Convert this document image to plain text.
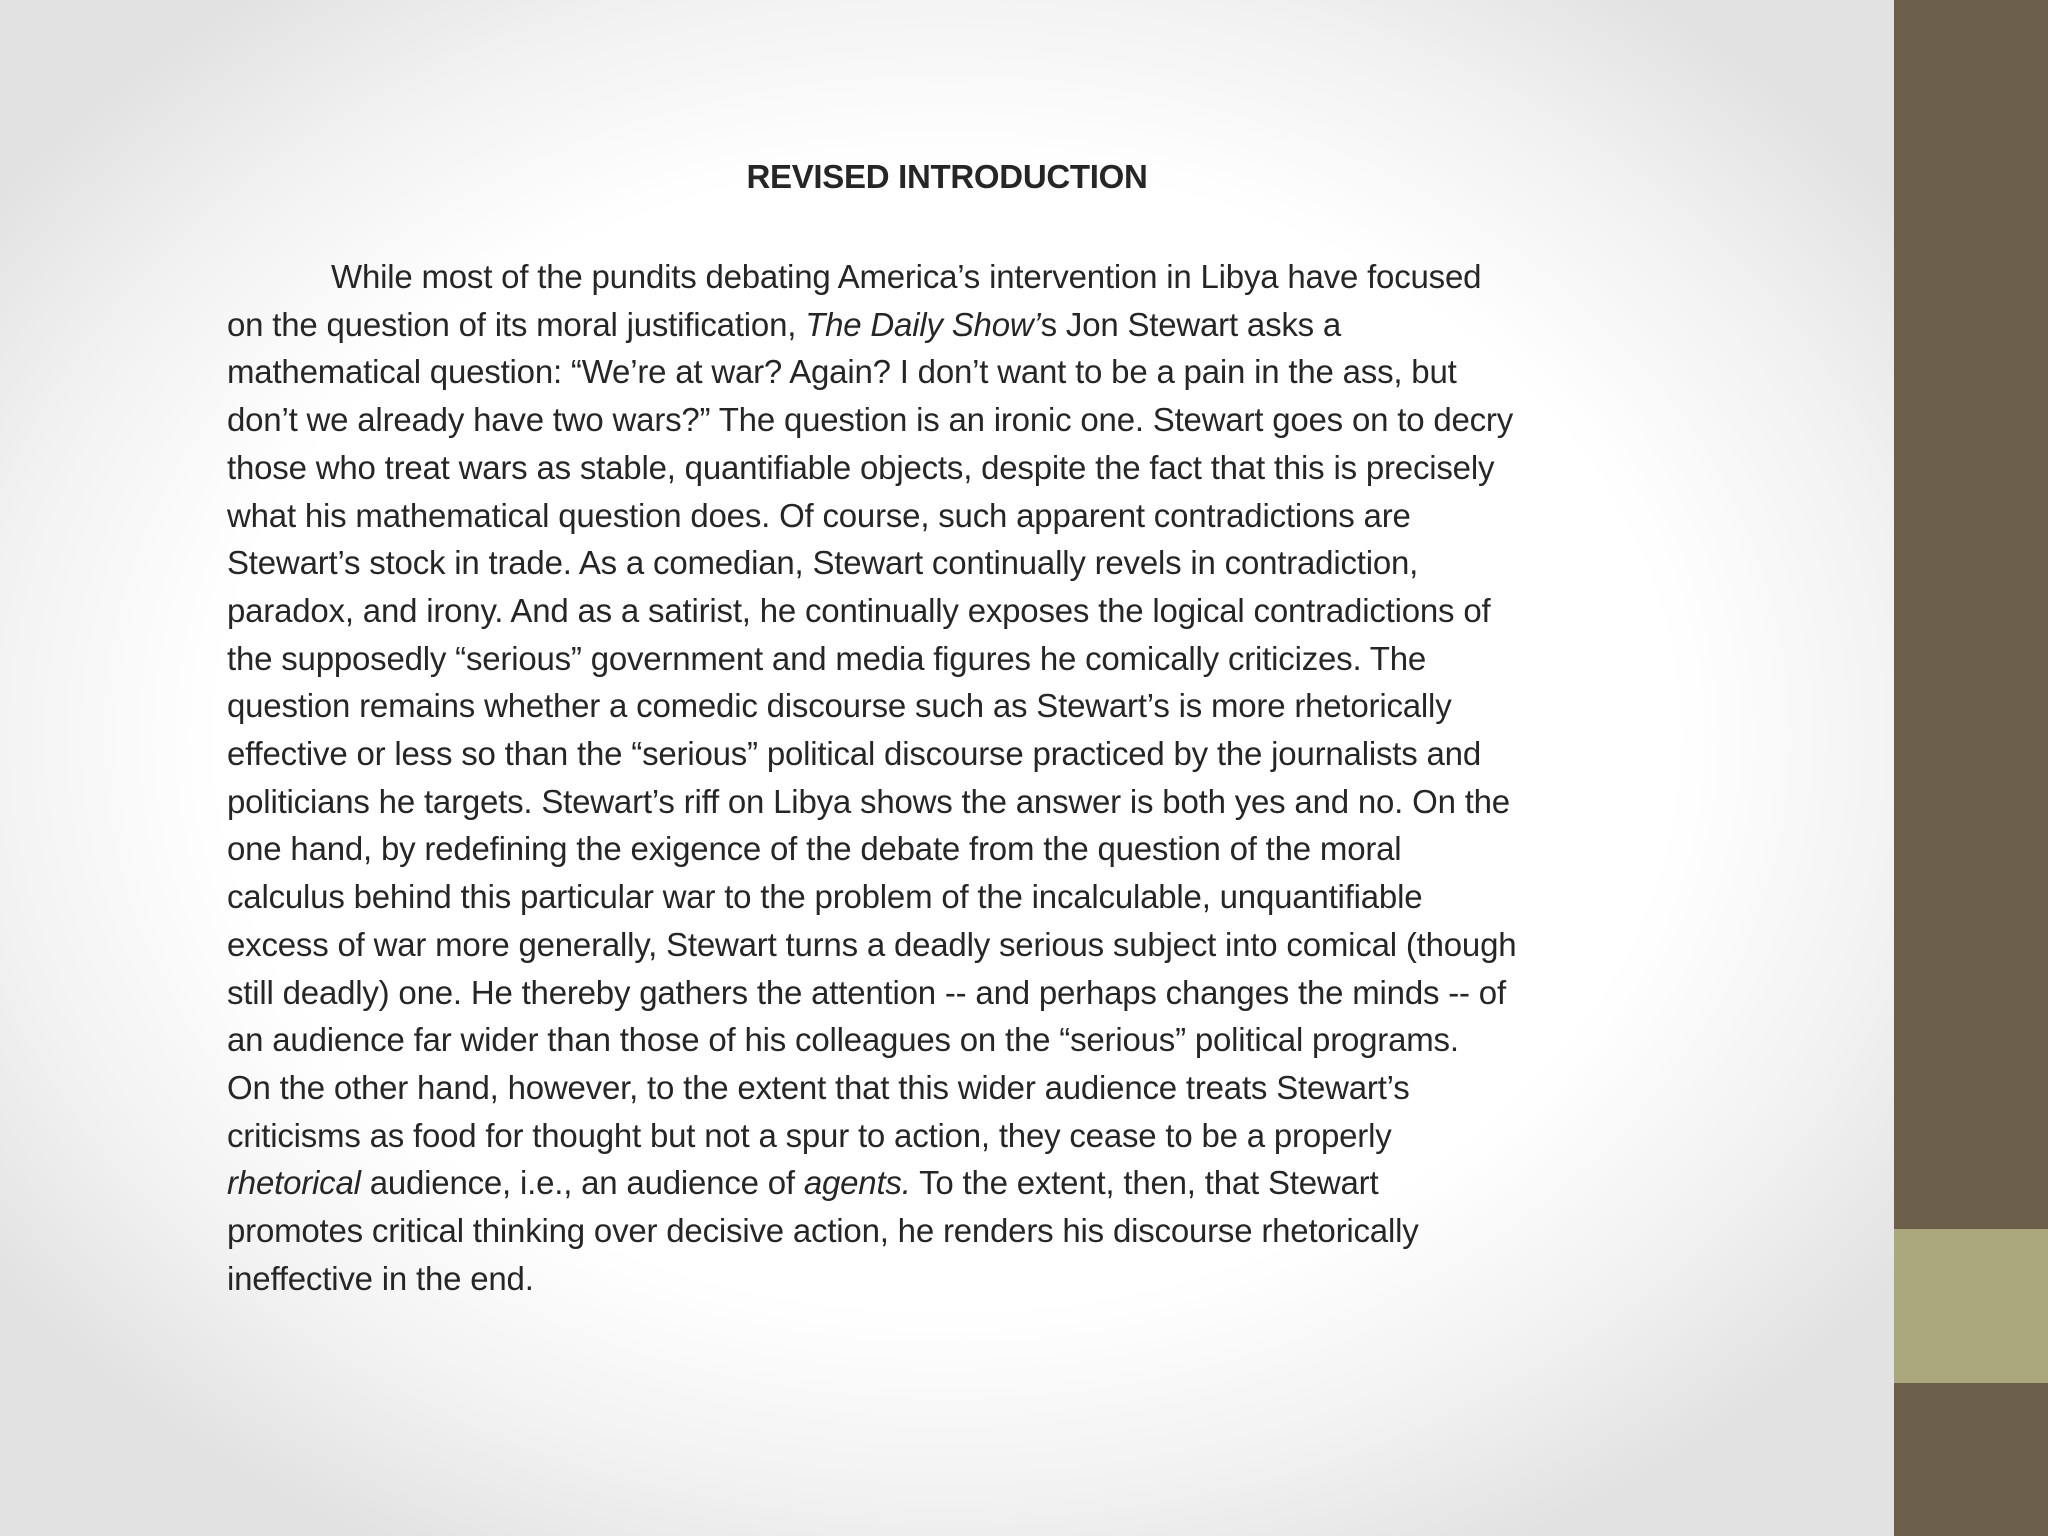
REVISED INTRODUCTION
While most of the pundits debating America’s intervention in Libya have focused
on the question of its moral justification, The Daily Show’s Jon Stewart asks a
mathematical question: “We’re at war? Again? I don’t want to be a pain in the ass, but
don’t we already have two wars?” The question is an ironic one. Stewart goes on to decry
those who treat wars as stable, quantifiable objects, despite the fact that this is precisely
what his mathematical question does. Of course, such apparent contradictions are
Stewart’s stock in trade. As a comedian, Stewart continually revels in contradiction,
paradox, and irony. And as a satirist, he continually exposes the logical contradictions of
the supposedly “serious” government and media figures he comically criticizes. The
question remains whether a comedic discourse such as Stewart’s is more rhetorically
effective or less so than the “serious” political discourse practiced by the journalists and
politicians he targets. Stewart’s riff on Libya shows the answer is both yes and no. On the
one hand, by redefining the exigence of the debate from the question of the moral
calculus behind this particular war to the problem of the incalculable, unquantifiable
excess of war more generally, Stewart turns a deadly serious subject into comical (though
still deadly) one. He thereby gathers the attention -- and perhaps changes the minds -- of
an audience far wider than those of his colleagues on the “serious” political programs.
On the other hand, however, to the extent that this wider audience treats Stewart’s
criticisms as food for thought but not a spur to action, they cease to be a properly
rhetorical audience, i.e., an audience of agents. To the extent, then, that Stewart
promotes critical thinking over decisive action, he renders his discourse rhetorically
ineffective in the end.
